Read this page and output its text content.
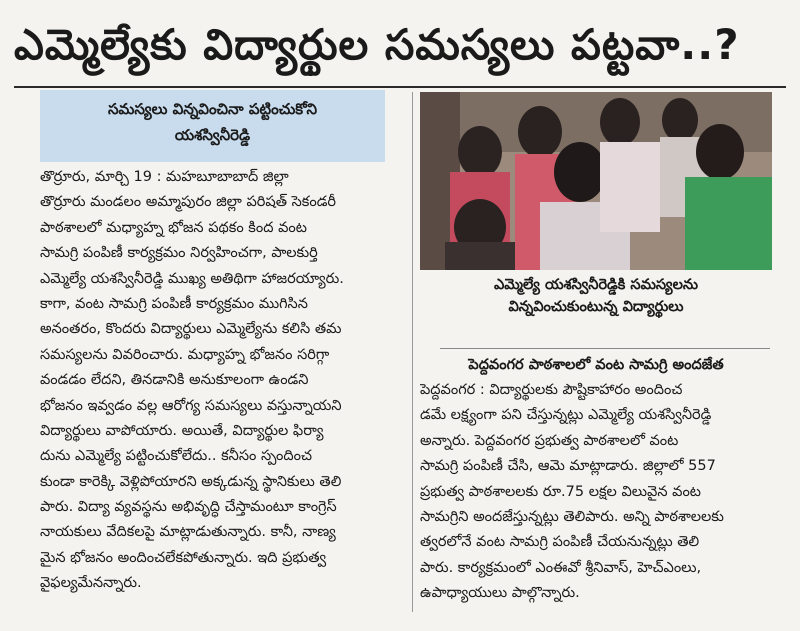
ఎమ్మెల్యేకు విద్యార్థుల సమస్యలు పట్టవా..?
సమస్యలు విన్నవించినా పట్టించుకోని
యశస్వినీరెడ్డి
తొర్రూరు, మార్చి 19 : మహబూబాబాద్ జిల్లా
తొర్రూరు మండలం అమ్మాపురం జిల్లా పరిషత్ సెకండరీ
పాఠశాలలో మధ్యాహ్న భోజన పథకం కింద వంట
సామగ్రి పంపిణీ కార్యక్రమం నిర్వహించగా, పాలకుర్తి
ఎమ్మెల్యే యశస్వినీరెడ్డి ముఖ్య అతిథిగా హాజరయ్యారు.
కాగా, వంట సామగ్రి పంపిణీ కార్యక్రమం ముగిసిన
అనంతరం, కొందరు విద్యార్థులు ఎమ్మెల్యేను కలిసి తమ
సమస్యలను వివరించారు. మధ్యాహ్న భోజనం సరిగ్గా
వండడం లేదని, తినడానికి అనుకూలంగా ఉండని
భోజనం ఇవ్వడం వల్ల ఆరోగ్య సమస్యలు వస్తున్నాయని
విద్యార్థులు వాపోయారు. అయితే, విద్యార్థుల ఫిర్యా
దును ఎమ్మెల్యే పట్టించుకోలేదు.. కనీసం స్పందించ
కుండా కారెక్కి వెళ్లిపోయారని అక్కడున్న స్థానికులు తెలి
పారు. విద్యా వ్యవస్థను అభివృద్ధి చేస్తామంటూ కాంగ్రెస్
నాయకులు వేదికలపై మాట్లాడుతున్నారు. కానీ, నాణ్య
మైన భోజనం అందించలేకపోతున్నారు. ఇది ప్రభుత్వ
వైఫల్యమేనన్నారు.
ఎమ్మెల్యే యశస్వినీరెడ్డికి సమస్యలను
విన్నవించుకుంటున్న విద్యార్థులు
పెద్దవంగర పాఠశాలలో వంట సామగ్రి అందజేత
పెద్దవంగర : విద్యార్థులకు పౌష్టికాహారం అందించ
డమే లక్ష్యంగా పని చేస్తున్నట్లు ఎమ్మెల్యే యశస్వినీరెడ్డి
అన్నారు. పెద్దవంగర ప్రభుత్వ పాఠశాలలో వంట
సామగ్రి పంపిణీ చేసి, ఆమె మాట్లాడారు. జిల్లాలో 557
ప్రభుత్వ పాఠశాలలకు రూ.75 లక్షల విలువైన వంట
సామగ్రిని అందజేస్తున్నట్లు తెలిపారు. అన్ని పాఠశాలలకు
త్వరలోనే వంట సామగ్రి పంపిణీ చేయనున్నట్లు తెలి
పారు. కార్యక్రమంలో ఎంఈవో శ్రీనివాస్, హెచ్ఎంలు,
ఉపాధ్యాయులు పాల్గొన్నారు.
